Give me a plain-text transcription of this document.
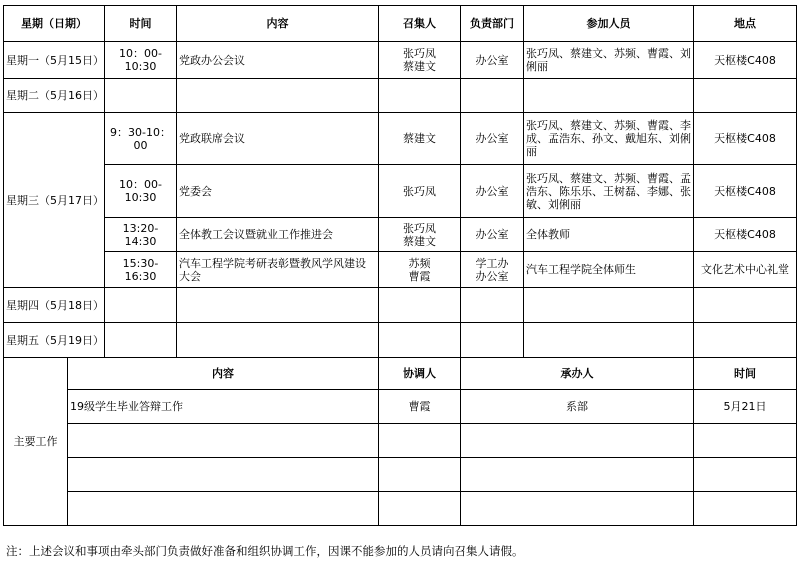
星期（日期）		时间	内容	召集人	负责部门	参加人员	地点
星期一（5月15日）		10：00-10:30	党政办公会议	张巧凤
蔡建文	办公室	张巧凤、蔡建文、苏频、曹霞、刘俐丽	天枢楼C408
星期二（5月16日）							
星期三（5月17日）		9：30-10：00	党政联席会议	蔡建文	办公室	张巧凤、蔡建文、苏频、曹霞、李成、孟浩东、孙文、戴旭东、刘俐丽	天枢楼C408
		10：00-10:30	党委会	张巧凤	办公室	张巧凤、蔡建文、苏频、曹霞、孟浩东、陈乐乐、王树磊、李娜、张敏、刘俐丽	天枢楼C408
		13:20-14:30	全体教工会议暨就业工作推进会	张巧凤
蔡建文	办公室	全体教师	天枢楼C408
		15:30-16:30	汽车工程学院考研表彰暨教风学风建设大会	苏频
曹霞	学工办
办公室	汽车工程学院全体师生	文化艺术中心礼堂
星期四（5月18日）							
星期五（5月19日）							
主要工作	内容			协调人	承办人		时间
	19级学生毕业答辩工作			曹霞	系部		5月21日

注：上述会议和事项由牵头部门负责做好准备和组织协调工作，因课不能参加的人员请向召集人请假。
